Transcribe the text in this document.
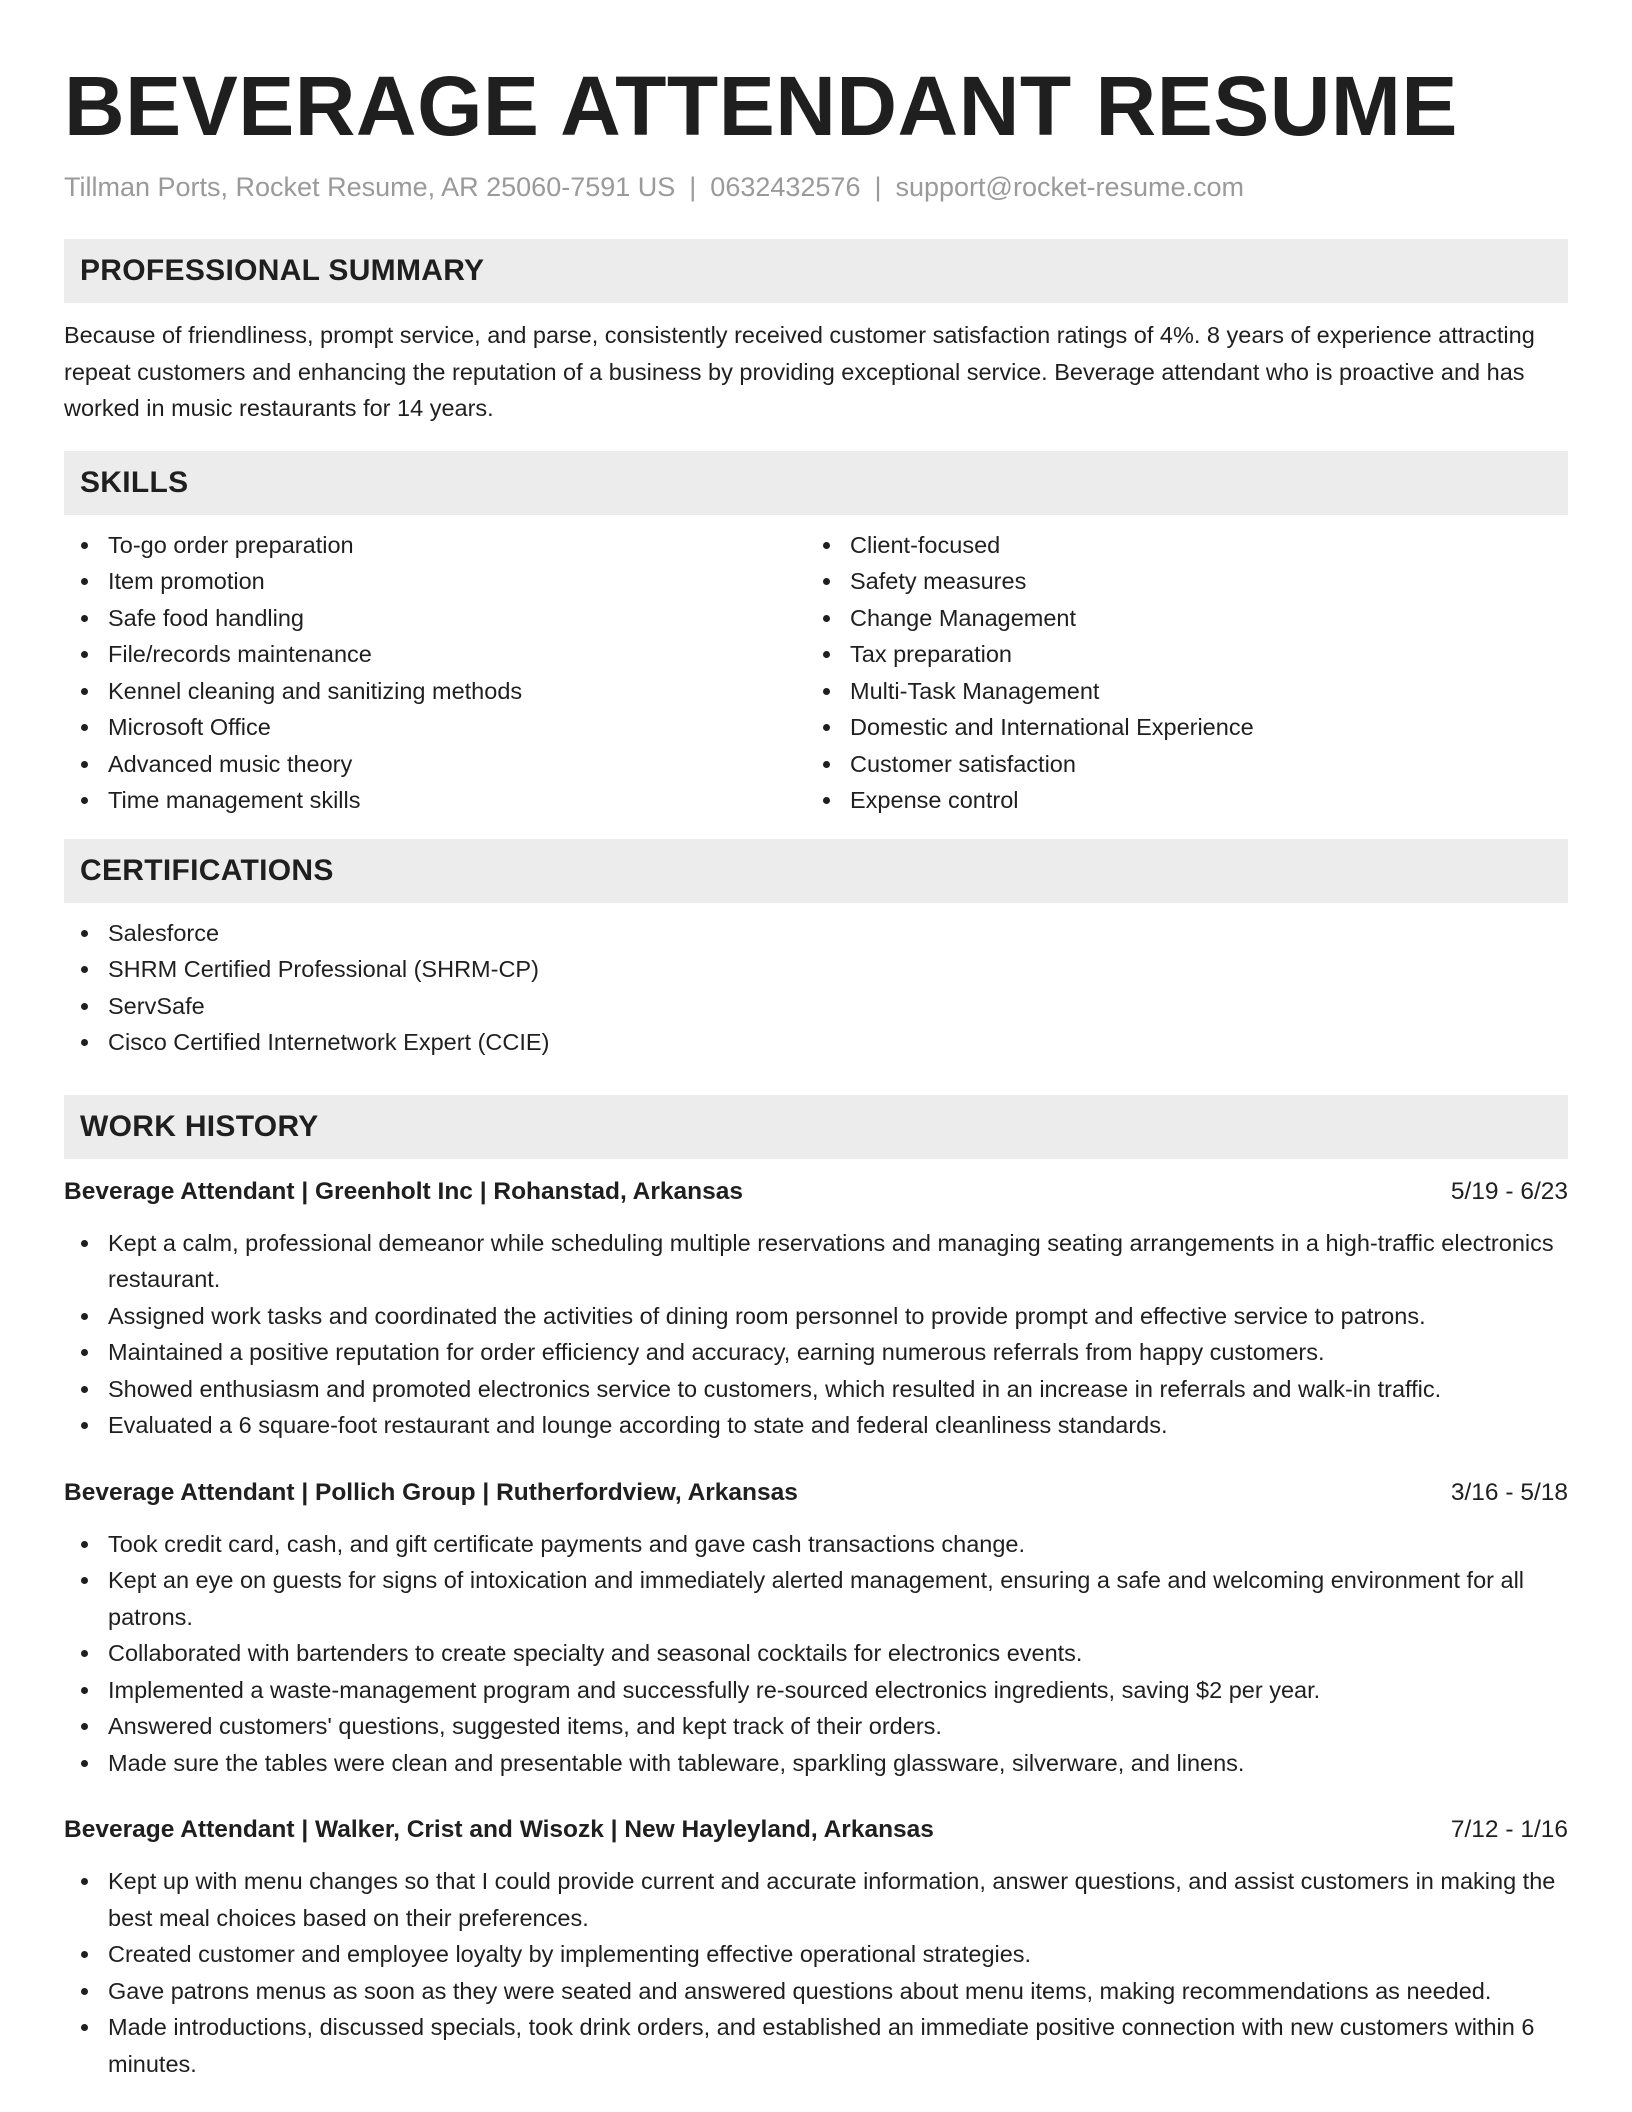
BEVERAGE ATTENDANT RESUME
Tillman Ports, Rocket Resume, AR 25060-7591 US | 0632432576 | support@rocket-resume.com
PROFESSIONAL SUMMARY

Because of friendliness, prompt service, and parse, consistently received customer satisfaction ratings of 4%. 8 years of experience attracting repeat customers and enhancing the reputation of a business by providing exceptional service. Beverage attendant who is proactive and has worked in music restaurants for 14 years.

SKILLS
To-go order preparation
Item promotion
Safe food handling
File/records maintenance
Kennel cleaning and sanitizing methods
Microsoft Office
Advanced music theory
Time management skills
Client-focused
Safety measures
Change Management
Tax preparation
Multi-Task Management
Domestic and International Experience
Customer satisfaction
Expense control
CERTIFICATIONS
Salesforce
SHRM Certified Professional (SHRM-CP)
ServSafe
Cisco Certified Internetwork Expert (CCIE)
WORK HISTORY
Beverage Attendant | Greenholt Inc | Rohanstad, Arkansas	5/19 - 6/23
Kept a calm, professional demeanor while scheduling multiple reservations and managing seating arrangements in a high-traffic electronics restaurant.
Assigned work tasks and coordinated the activities of dining room personnel to provide prompt and effective service to patrons.
Maintained a positive reputation for order efficiency and accuracy, earning numerous referrals from happy customers.
Showed enthusiasm and promoted electronics service to customers, which resulted in an increase in referrals and walk-in traffic.
Evaluated a 6 square-foot restaurant and lounge according to state and federal cleanliness standards.
Beverage Attendant | Pollich Group | Rutherfordview, Arkansas	3/16 - 5/18
Took credit card, cash, and gift certificate payments and gave cash transactions change.
Kept an eye on guests for signs of intoxication and immediately alerted management, ensuring a safe and welcoming environment for all patrons.
Collaborated with bartenders to create specialty and seasonal cocktails for electronics events.
Implemented a waste-management program and successfully re-sourced electronics ingredients, saving $2 per year.
Answered customers' questions, suggested items, and kept track of their orders.
Made sure the tables were clean and presentable with tableware, sparkling glassware, silverware, and linens.
Beverage Attendant | Walker, Crist and Wisozk | New Hayleyland, Arkansas	7/12 - 1/16
Kept up with menu changes so that I could provide current and accurate information, answer questions, and assist customers in making the best meal choices based on their preferences.
Created customer and employee loyalty by implementing effective operational strategies.
Gave patrons menus as soon as they were seated and answered questions about menu items, making recommendations as needed.
Made introductions, discussed specials, took drink orders, and established an immediate positive connection with new customers within 6 minutes.
